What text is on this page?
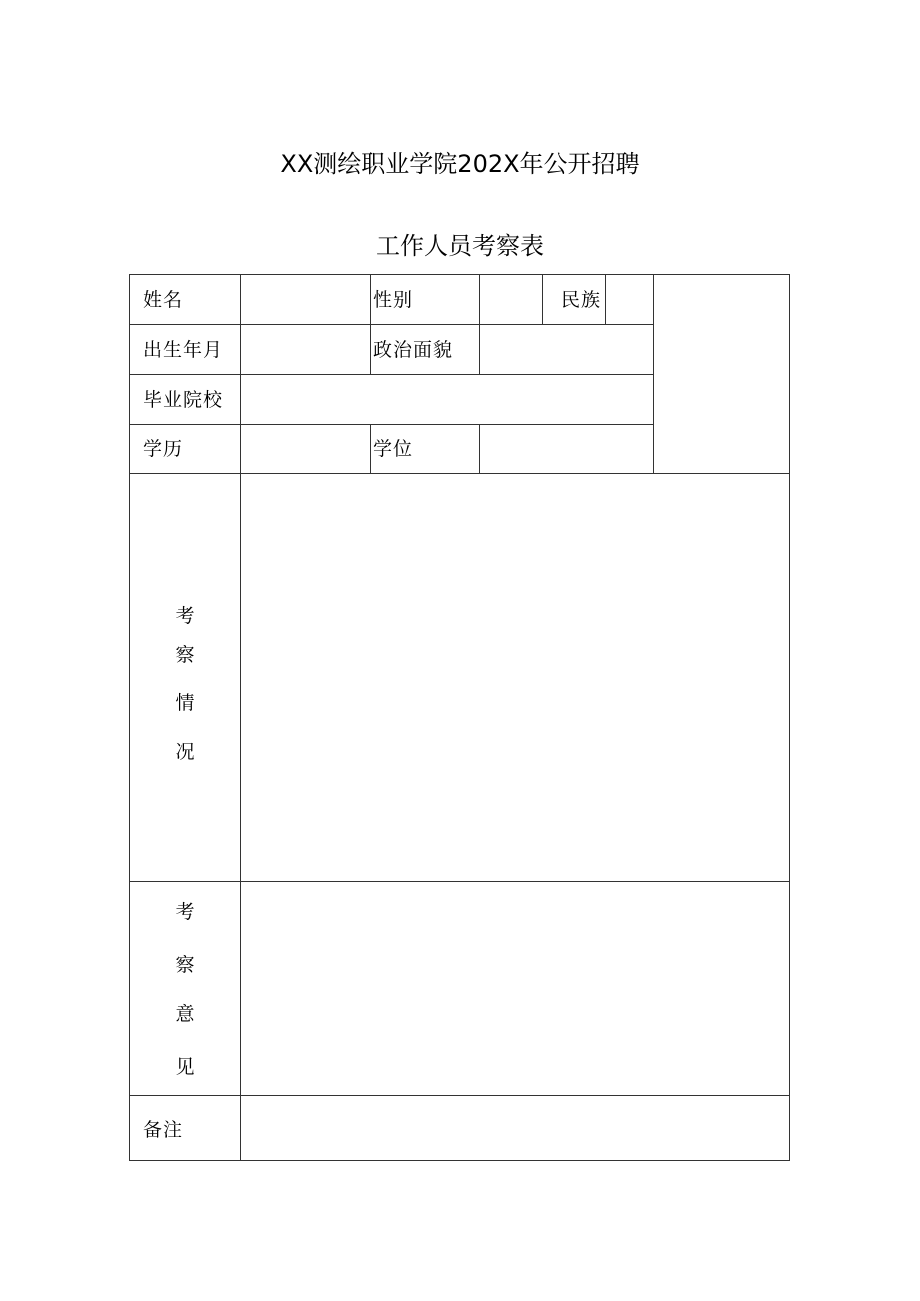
XX测绘职业学院202X年公开招聘
工作人员考察表
姓名	性别	民族
出生年月	政治面貌
毕业院校
学历	学位
考
察
情
况
考
察
意
见
备注
